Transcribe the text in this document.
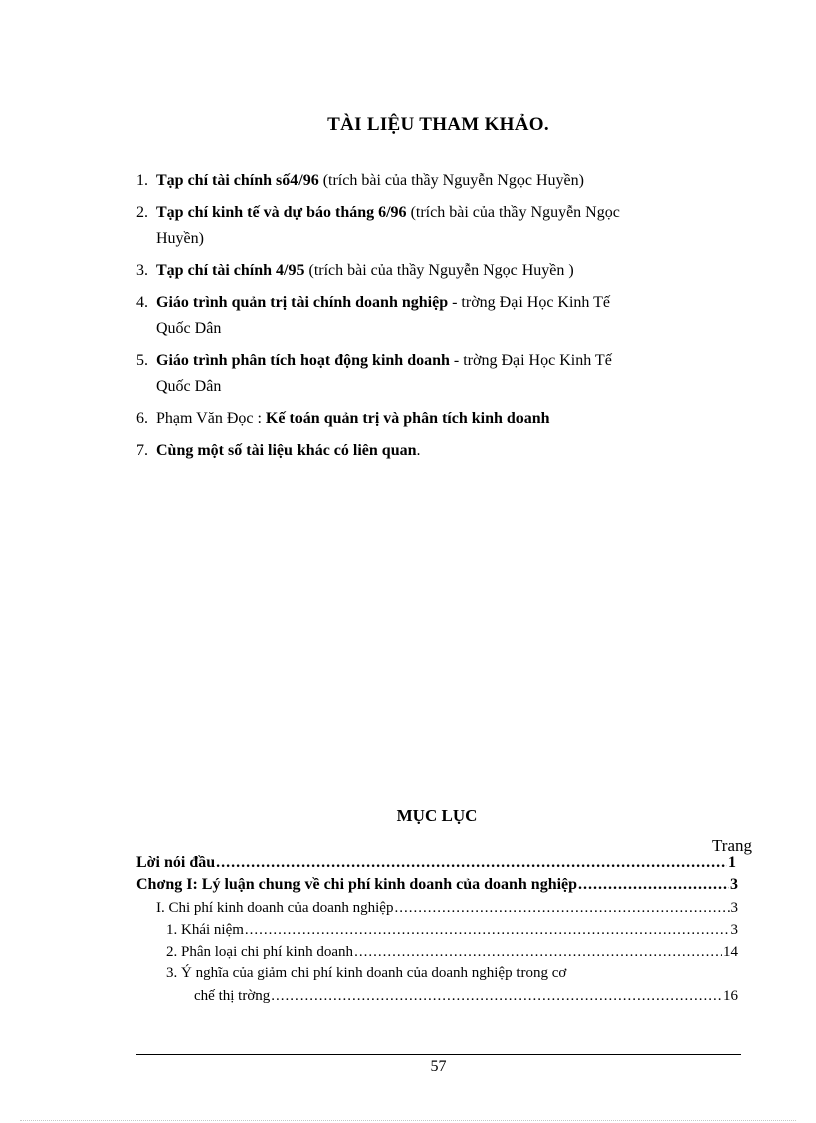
TÀI LIỆU THAM KHẢO.
1. Tạp chí tài chính số4/96 (trích bài của thầy Nguyễn Ngọc Huyền)
2. Tạp chí kinh tế và dự báo tháng 6/96 (trích bài của thầy Nguyễn Ngọc
Huyền)
3. Tạp chí tài chính 4/95 (trích bài của thầy Nguyễn Ngọc Huyền )
4. Giáo trình quản trị tài chính doanh nghiệp - trờng Đại Học Kinh Tế
Quốc Dân
5. Giáo trình phân tích hoạt động kinh doanh - trờng Đại Học Kinh Tế
Quốc Dân
6. Phạm Văn Đọc : Kế toán quản trị và phân tích kinh doanh
7. Cùng một số tài liệu khác có liên quan.
MỤC LỤC
Trang
Lời nói đầu .....	1
Chơng I: Lý luận chung về chi phí kinh doanh của doanh nghiệp .....	3
I. Chi phí kinh doanh của doanh nghiệp .....	3
1. Khái niệm .....	3
2. Phân loại chi phí kinh doanh .....	14
3. Ý nghĩa của giảm chi phí kinh doanh của doanh nghiệp trong cơ
chế thị trờng .....	16
57
